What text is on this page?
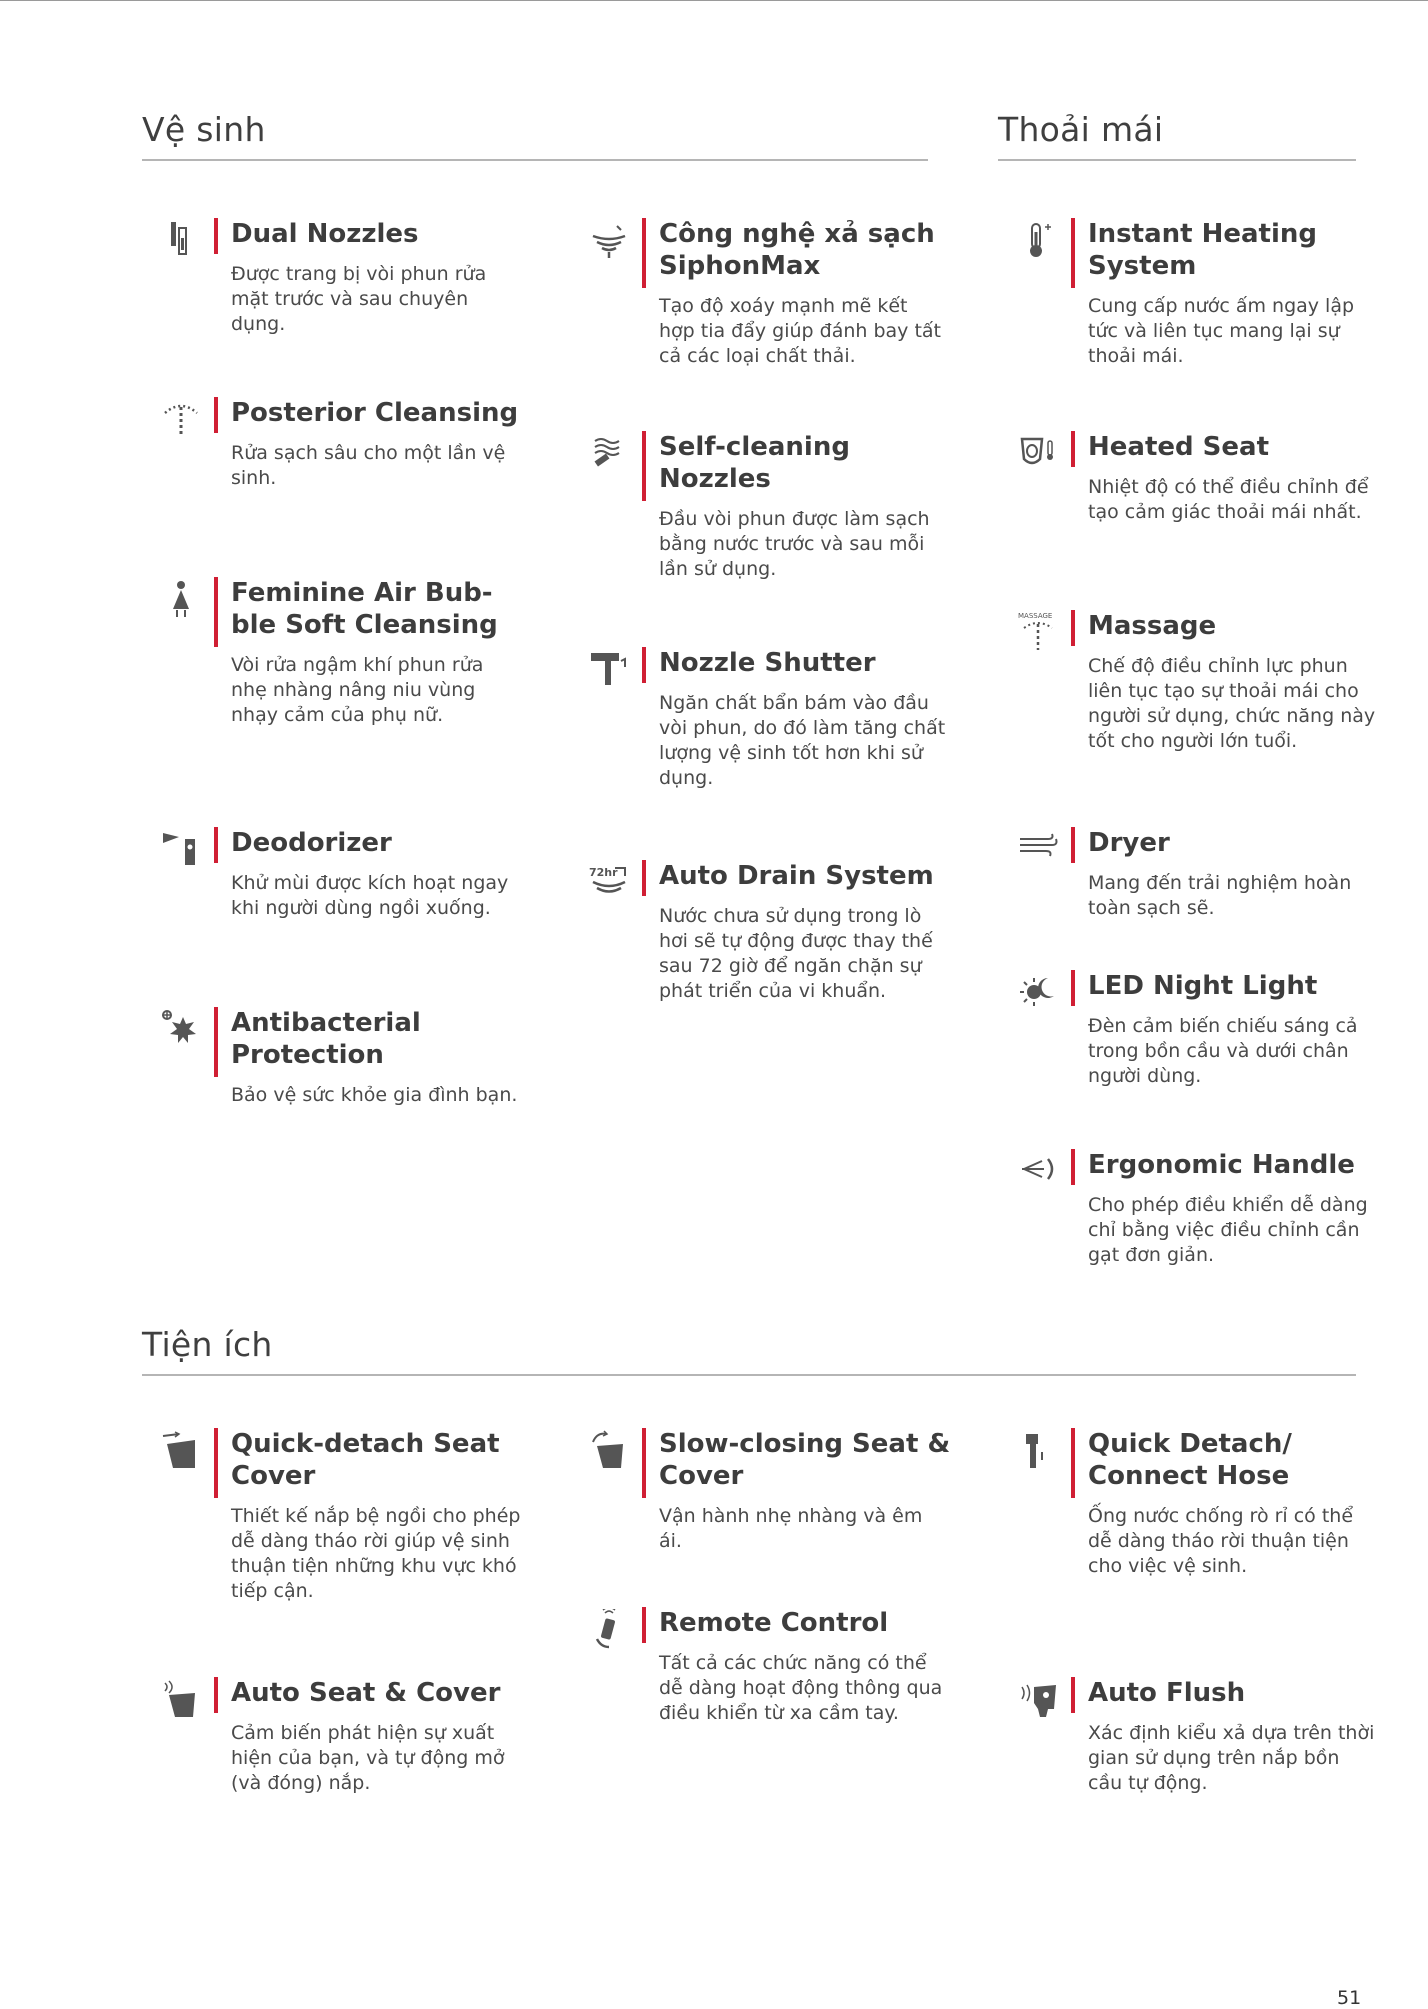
Vệ sinh	Thoải mái
Tiện ích
Dual Nozzles

Được trang bị vòi phun rửa mặt trước và sau chuyên dụng.

Posterior Cleansing

Rửa sạch sâu cho một lần vệ sinh.

Feminine Air Bub-ble Soft Cleansing

Vòi rửa ngậm khí phun rửa nhẹ nhàng nâng niu vùng nhạy cảm của phụ nữ.

Deodorizer

Khử mùi được kích hoạt ngay khi người dùng ngồi xuống.

Antibacterial Protection

Bảo vệ sức khỏe gia đình bạn.

Công nghệ xả sạch SiphonMax

Tạo độ xoáy mạnh mẽ kết hợp tia đẩy giúp đánh bay tất cả các loại chất thải.

Self-cleaning Nozzles

Đầu vòi phun được làm sạch bằng nước trước và sau mỗi lần sử dụng.

Nozzle Shutter

Ngăn chất bẩn bám vào đầu vòi phun, do đó làm tăng chất lượng vệ sinh tốt hơn khi sử dụng.

72hr Auto Drain System

Nước chưa sử dụng trong lò hơi sẽ tự động được thay thế sau 72 giờ để ngăn chặn sự phát triển của vi khuẩn.

Instant Heating System

Cung cấp nước ấm ngay lập tức và liên tục mang lại sự thoải mái.

Heated Seat

Nhiệt độ có thể điều chỉnh để tạo cảm giác thoải mái nhất.

MASSAGE Massage

Chế độ điều chỉnh lực phun liên tục tạo sự thoải mái cho người sử dụng, chức năng này tốt cho người lớn tuổi.

Dryer

Mang đến trải nghiệm hoàn toàn sạch sẽ.

LED Night Light

Đèn cảm biến chiếu sáng cả trong bồn cầu và dưới chân người dùng.

Ergonomic Handle

Cho phép điều khiển dễ dàng chỉ bằng việc điều chỉnh cần gạt đơn giản.

Quick-detach Seat Cover

Thiết kế nắp bệ ngồi cho phép dễ dàng tháo rời giúp vệ sinh thuận tiện những khu vực khó tiếp cận.

Auto Seat & Cover

Cảm biến phát hiện sự xuất hiện của bạn, và tự động mở (và đóng) nắp.

Slow-closing Seat & Cover

Vận hành nhẹ nhàng và êm ái.

Remote Control

Tất cả các chức năng có thể dễ dàng hoạt động thông qua điều khiển từ xa cầm tay.

Quick Detach/ Connect Hose

Ống nước chống rò rỉ có thể dễ dàng tháo rời thuận tiện cho việc vệ sinh.

Auto Flush

Xác định kiểu xả dựa trên thời gian sử dụng trên nắp bồn cầu tự động.

51
